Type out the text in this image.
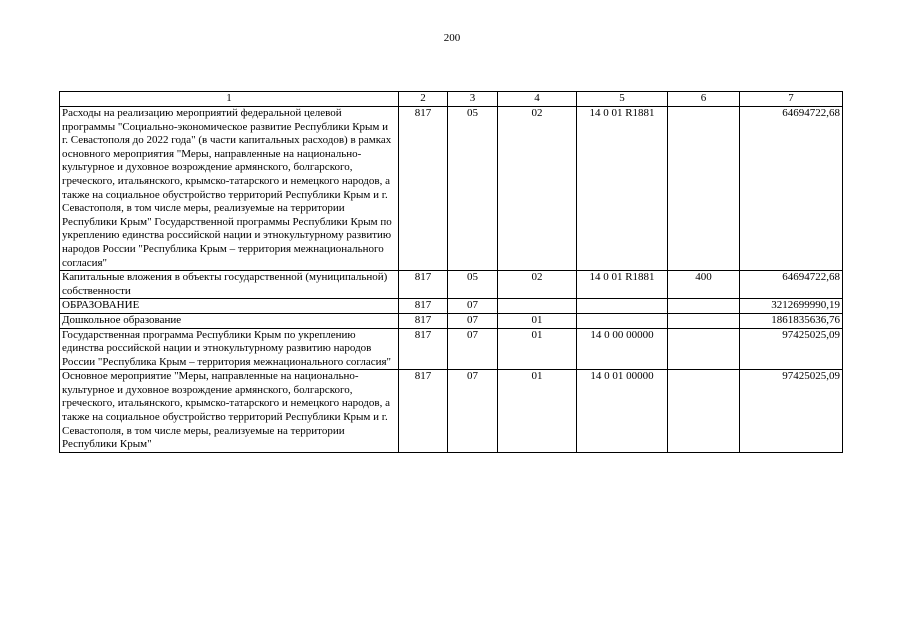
200
1	2	3	4	5	6	7
Расходы на реализацию мероприятий федеральной целевой программы "Социально-экономическое развитие Республики Крым и г. Севастополя до 2022 года" (в части капитальных расходов) в рамках основного мероприятия "Меры, направленные на национально-культурное и духовное возрождение армянского, болгарского, греческого, итальянского, крымско-татарского и немецкого народов, а также на социальное обустройство территорий Республики Крым и г. Севастополя, в том числе меры, реализуемые на территории Республики Крым" Государственной программы Республики Крым по укреплению единства российской нации и этнокультурному развитию народов России "Республика Крым – территория межнационального согласия"	817	05	02	14 0 01 R1881		64694722,68
Капитальные вложения в объекты государственной (муниципальной) собственности	817	05	02	14 0 01 R1881	400	64694722,68
ОБРАЗОВАНИЕ	817	07				3212699990,19
Дошкольное образование	817	07	01			1861835636,76
Государственная программа Республики Крым по укреплению единства российской нации и этнокультурному развитию народов России "Республика Крым – территория межнационального согласия"	817	07	01	14 0 00 00000		97425025,09
Основное мероприятие "Меры, направленные на национально-культурное и духовное возрождение армянского, болгарского, греческого, итальянского, крымско-татарского и немецкого народов, а также на социальное обустройство территорий Республики Крым и г. Севастополя, в том числе меры, реализуемые на территории Республики Крым"	817	07	01	14 0 01 00000		97425025,09
